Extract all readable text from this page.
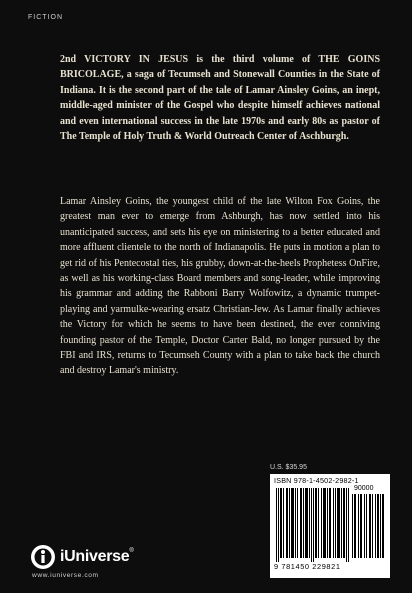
FICTION

2nd VICTORY IN JESUS is the third volume of THE GOINS BRICOLAGE, a saga of Tecumseh and Stonewall Counties in the State of Indiana. It is the second part of the tale of Lamar Ainsley Goins, an inept, middle-aged minister of the Gospel who despite himself achieves national and even international success in the late 1970s and early 80s as pastor of The Temple of Holy Truth & World Outreach Center of Aschburgh.

Lamar Ainsley Goins, the youngest child of the late Wilton Fox Goins, the greatest man ever to emerge from Ashburgh, has now settled into his unanticipated success, and sets his eye on ministering to a better educated and more affluent clientele to the north of Indianapolis. He puts in motion a plan to get rid of his Pentecostal ties, his grubby, down-at-the-heels Prophetess OnFire, as well as his working-class Board members and song-leader, while improving his grammar and adding the Rabboni Barry Wolfowitz, a dynamic trumpet-playing and yarmulke-wearing ersatz Christian-Jew. As Lamar finally achieves the Victory for which he seems to have been destined, the ever conniving founding pastor of the Temple, Doctor Carter Bald, no longer pursued by the FBI and IRS, returns to Tecumseh County with a plan to take back the church and destroy Lamar's ministry.

U.S. $35.95
ISBN 978-1-4502-2982-1
90000
9 781450 229821
iUniverse®
www.iuniverse.com
